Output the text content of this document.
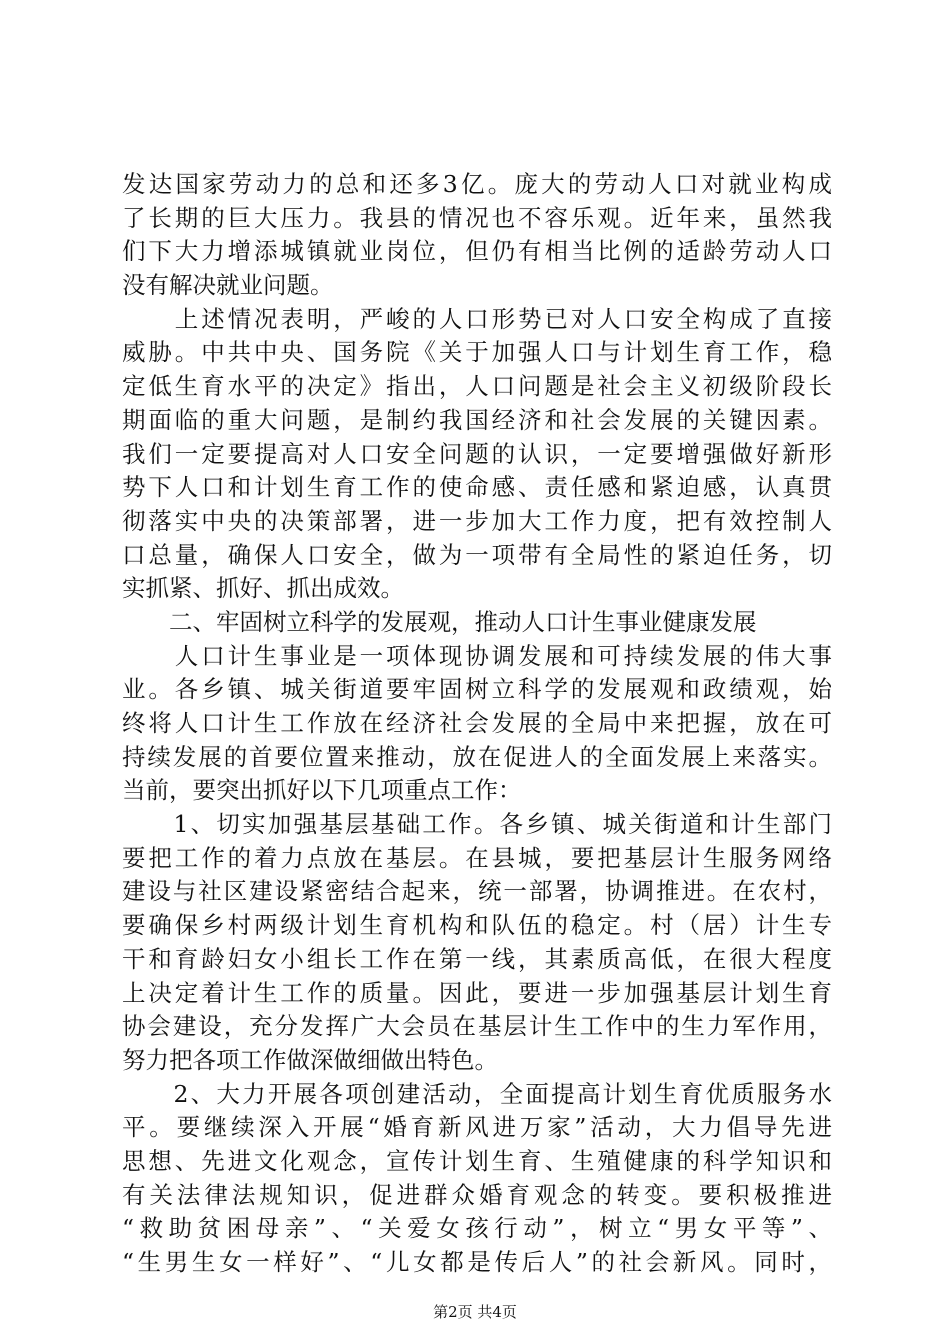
发达国家劳动力的总和还多3亿。庞大的劳动人口对就业构成
了长期的巨大压力。我县的情况也不容乐观。近年来，虽然我
们下大力增添城镇就业岗位，但仍有相当比例的适龄劳动人口
没有解决就业问题。
　　上述情况表明，严峻的人口形势已对人口安全构成了直接
威胁。中共中央、国务院《关于加强人口与计划生育工作，稳
定低生育水平的决定》指出，人口问题是社会主义初级阶段长
期面临的重大问题，是制约我国经济和社会发展的关键因素。
我们一定要提高对人口安全问题的认识，一定要增强做好新形
势下人口和计划生育工作的使命感、责任感和紧迫感，认真贯
彻落实中央的决策部署，进一步加大工作力度，把有效控制人
口总量，确保人口安全，做为一项带有全局性的紧迫任务，切
实抓紧、抓好、抓出成效。
　　二、牢固树立科学的发展观，推动人口计生事业健康发展
　　人口计生事业是一项体现协调发展和可持续发展的伟大事
业。各乡镇、城关街道要牢固树立科学的发展观和政绩观，始
终将人口计生工作放在经济社会发展的全局中来把握，放在可
持续发展的首要位置来推动，放在促进人的全面发展上来落实。
当前，要突出抓好以下几项重点工作：
　　1、切实加强基层基础工作。各乡镇、城关街道和计生部门
要把工作的着力点放在基层。在县城，要把基层计生服务网络
建设与社区建设紧密结合起来，统一部署，协调推进。在农村，
要确保乡村两级计划生育机构和队伍的稳定。村（居）计生专
干和育龄妇女小组长工作在第一线，其素质高低，在很大程度
上决定着计生工作的质量。因此，要进一步加强基层计划生育
协会建设，充分发挥广大会员在基层计生工作中的生力军作用，
努力把各项工作做深做细做出特色。
　　2、大力开展各项创建活动，全面提高计划生育优质服务水
平。要继续深入开展“婚育新风进万家”活动，大力倡导先进
思想、先进文化观念，宣传计划生育、生殖健康的科学知识和
有关法律法规知识，促进群众婚育观念的转变。要积极推进
“救助贫困母亲”、“关爱女孩行动”，树立“男女平等”、
“生男生女一样好”、“儿女都是传后人”的社会新风。同时，
第2页 共4页
